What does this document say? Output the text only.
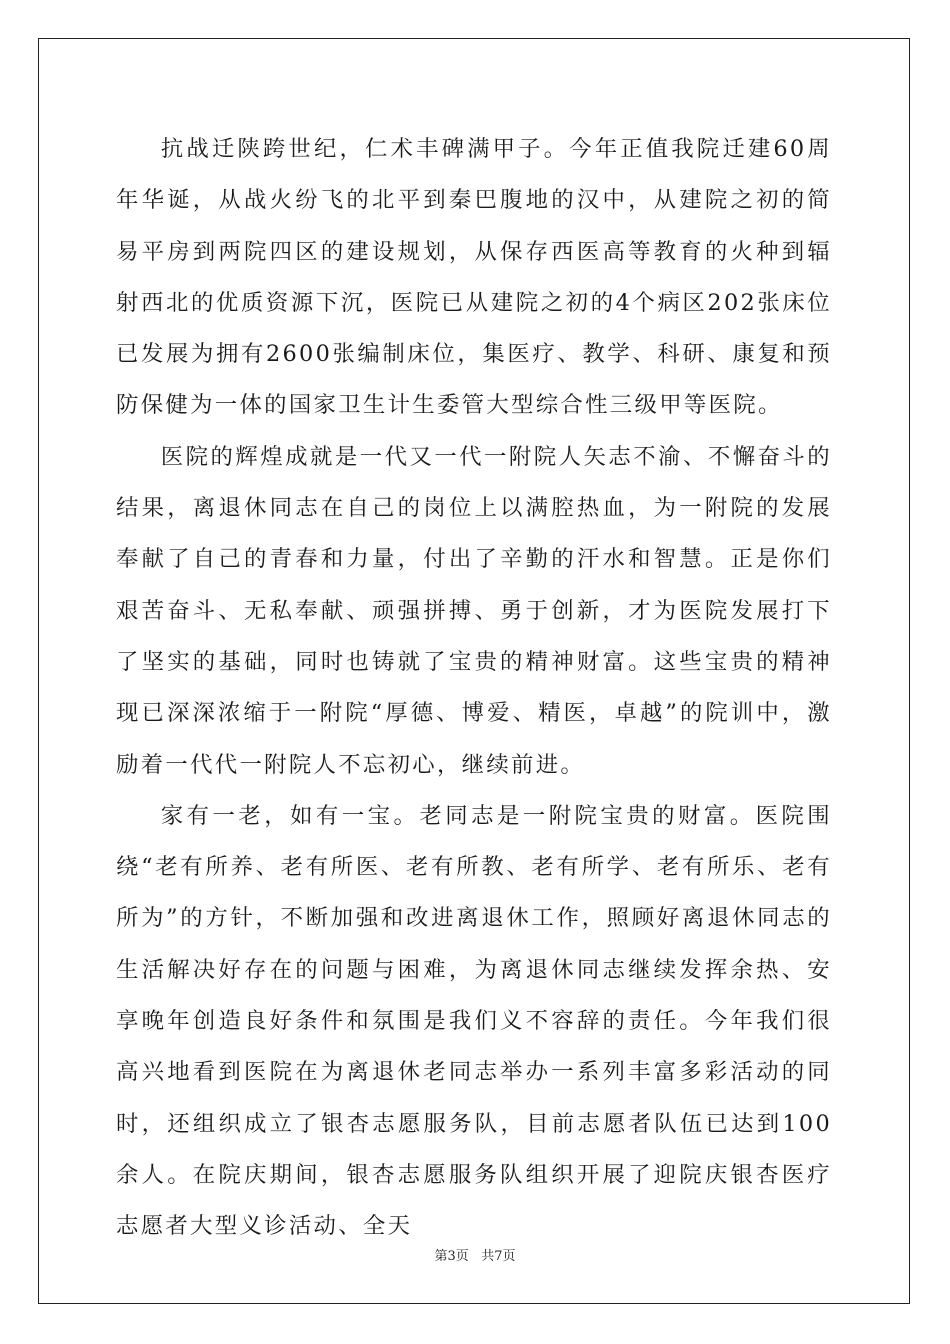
抗战迁陕跨世纪，仁术丰碑满甲子。今年正值我院迁建60周年华诞，从战火纷飞的北平到秦巴腹地的汉中，从建院之初的简易平房到两院四区的建设规划，从保存西医高等教育的火种到辐射西北的优质资源下沉，医院已从建院之初的4个病区202张床位已发展为拥有2600张编制床位，集医疗、教学、科研、康复和预防保健为一体的国家卫生计生委管大型综合性三级甲等医院。

医院的辉煌成就是一代又一代一附院人矢志不渝、不懈奋斗的结果，离退休同志在自己的岗位上以满腔热血，为一附院的发展奉献了自己的青春和力量，付出了辛勤的汗水和智慧。正是你们艰苦奋斗、无私奉献、顽强拼搏、勇于创新，才为医院发展打下了坚实的基础，同时也铸就了宝贵的精神财富。这些宝贵的精神现已深深浓缩于一附院“厚德、博爱、精医，卓越”的院训中，激励着一代代一附院人不忘初心，继续前进。

家有一老，如有一宝。老同志是一附院宝贵的财富。医院围绕“老有所养、老有所医、老有所教、老有所学、老有所乐、老有所为”的方针，不断加强和改进离退休工作，照顾好离退休同志的生活解决好存在的问题与困难，为离退休同志继续发挥余热、安享晚年创造良好条件和氛围是我们义不容辞的责任。今年我们很高兴地看到医院在为离退休老同志举办一系列丰富多彩活动的同时，还组织成立了银杏志愿服务队，目前志愿者队伍已达到100余人。在院庆期间，银杏志愿服务队组织开展了迎院庆银杏医疗志愿者大型义诊活动、全天

第3页 共7页
